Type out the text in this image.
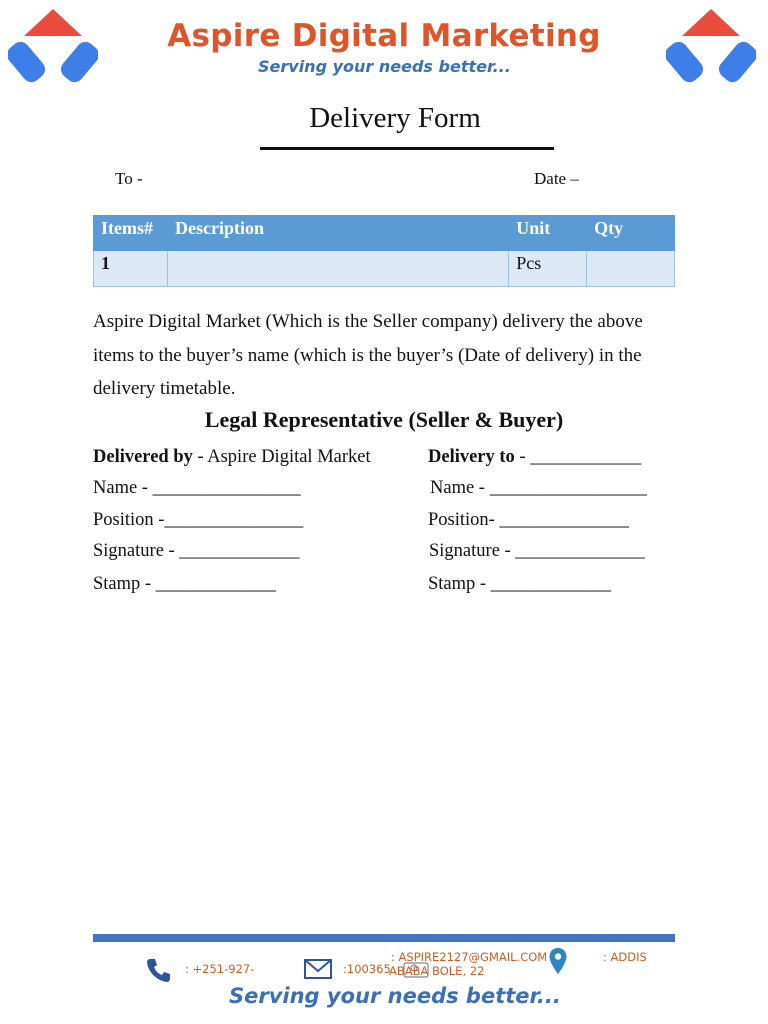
Aspire Digital Marketing
Serving your needs better...
Delivery Form
To -	Date –
Items#	Description	Unit	Qty
1		Pcs	
Aspire Digital Market (Which is the Seller company) delivery the above items to the buyer’s name (which is the buyer’s (Date of delivery) in the delivery timetable.
Legal Representative (Seller & Buyer)
Delivered by - Aspire Digital Market
Name - ________________
Position -_______________
Signature - _____________
Stamp - _____________
Delivery to - ____________
Name - _________________
Position- ______________
Signature - ______________
Stamp - _____________
: +251-927-	:100365
: ASPIRE2127@GMAIL.COM	: ADDIS
ABABA BOLE, 22
Serving your needs better...
